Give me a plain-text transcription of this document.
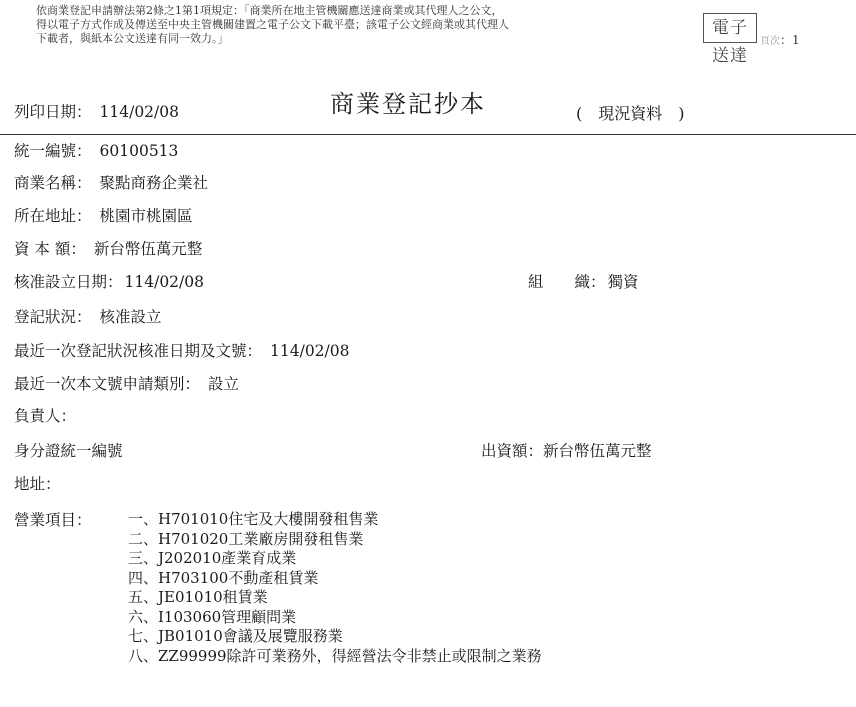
依商業登記申請辦法第2條之1第1項規定：「商業所在地主管機關應送達商業或其代理人之公文，
得以電子方式作成及傳送至中央主管機關建置之電子公文下載平臺；該電子公文經商業或其代理人
下載者，與紙本公文送達有同一效力。」
電子送達
頁次：1
列印日期： 114/02/08	商業登記抄本	( 現況資料 )
統一編號： 60100513
商業名稱： 聚點商務企業社
所在地址： 桃園市桃園區
資 本 額： 新台幣伍萬元整
核准設立日期： 114/02/08	組　　織： 獨資
登記狀況： 核准設立
最近一次登記狀況核准日期及文號： 114/02/08
最近一次本文號申請類別： 設立
負責人：
身分證統一編號	出資額：新台幣伍萬元整
地址：
營業項目： 一、H701010住宅及大樓開發租售業
二、H701020工業廠房開發租售業
三、J202010產業育成業
四、H703100不動產租賃業
五、JE01010租賃業
六、I103060管理顧問業
七、JB01010會議及展覽服務業
八、ZZ99999除許可業務外，得經營法令非禁止或限制之業務
